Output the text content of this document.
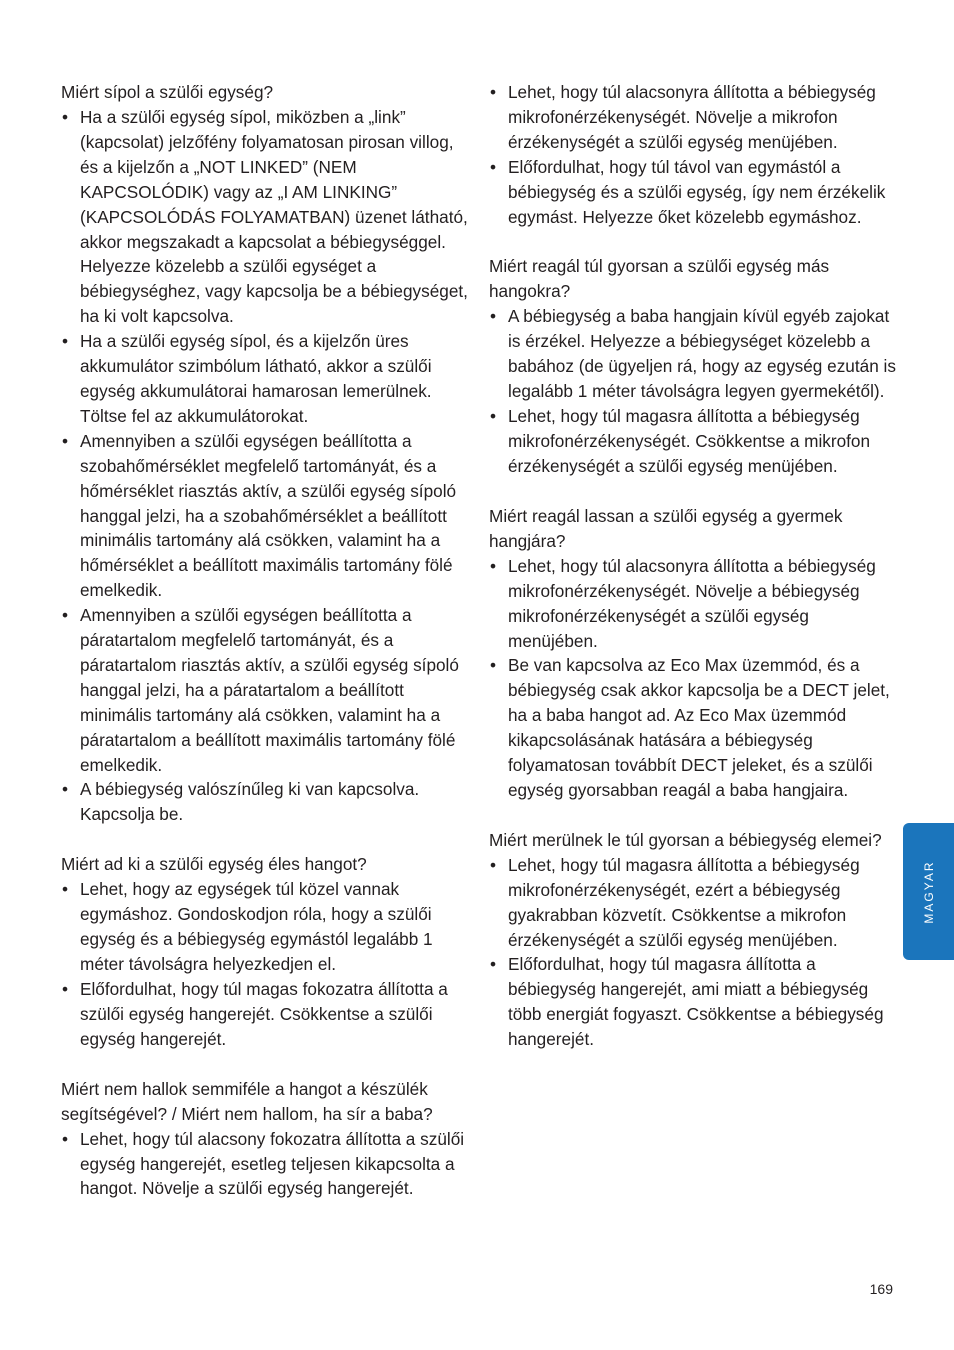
Miért sípol a szülői egység?

• Ha a szülői egység sípol, miközben a „link” (kapcsolat) jelzőfény folyamatosan pirosan villog, és a kijelzőn a „NOT LINKED” (NEM KAPCSOLÓDIK) vagy az „I AM LINKING” (KAPCSOLÓDÁS FOLYAMATBAN) üzenet látható, akkor megszakadt a kapcsolat a bébiegységgel. Helyezze közelebb a szülői egységet a bébiegységhez, vagy kapcsolja be a bébiegységet, ha ki volt kapcsolva.
• Ha a szülői egység sípol, és a kijelzőn üres akkumulátor szimbólum látható, akkor a szülői egység akkumulátorai hamarosan lemerülnek. Töltse fel az akkumulátorokat.
• Amennyiben a szülői egységen beállította a szobahőmérséklet megfelelő tartományát, és a hőmérséklet riasztás aktív, a szülői egység sípoló hanggal jelzi, ha a szobahőmérséklet a beállított minimális tartomány alá csökken, valamint ha a hőmérséklet a beállított maximális tartomány fölé emelkedik.
• Amennyiben a szülői egységen beállította a páratartalom megfelelő tartományát, és a páratartalom riasztás aktív, a szülői egység sípoló hanggal jelzi, ha a páratartalom a beállított minimális tartomány alá csökken, valamint ha a páratartalom a beállított maximális tartomány fölé emelkedik.
• A bébiegység valószínűleg ki van kapcsolva. Kapcsolja be.

Miért ad ki a szülői egység éles hangot?

• Lehet, hogy az egységek túl közel vannak egymáshoz. Gondoskodjon róla, hogy a szülői egység és a bébiegység egymástól legalább 1 méter távolságra helyezkedjen el.
• Előfordulhat, hogy túl magas fokozatra állította a szülői egység hangerejét. Csökkentse a szülői egység hangerejét.

Miért nem hallok semmiféle a hangot a készülék segítségével? / Miért nem hallom, ha sír a baba?

• Lehet, hogy túl alacsony fokozatra állította a szülői egység hangerejét, esetleg teljesen kikapcsolta a hangot. Növelje a szülői egység hangerejét.
• Lehet, hogy túl alacsonyra állította a bébiegység mikrofonérzékenységét. Növelje a mikrofon érzékenységét a szülői egység menüjében.
• Előfordulhat, hogy túl távol van egymástól a bébiegység és a szülői egység, így nem érzékelik egymást. Helyezze őket közelebb egymáshoz.

Miért reagál túl gyorsan a szülői egység más hangokra?

• A bébiegység a baba hangjain kívül egyéb zajokat is érzékel. Helyezze a bébiegységet közelebb a babához (de ügyeljen rá, hogy az egység ezután is legalább 1 méter távolságra legyen gyermekétől).
• Lehet, hogy túl magasra állította a bébiegység mikrofonérzékenységét. Csökkentse a mikrofon érzékenységét a szülői egység menüjében.

Miért reagál lassan a szülői egység a gyermek hangjára?

• Lehet, hogy túl alacsonyra állította a bébiegység mikrofonérzékenységét. Növelje a bébiegység mikrofonérzékenységét a szülői egység menüjében.
• Be van kapcsolva az Eco Max üzemmód, és a bébiegység csak akkor kapcsolja be a DECT jelet, ha a baba hangot ad. Az Eco Max üzemmód kikapcsolásának hatására a bébiegység folyamatosan továbbít DECT jeleket, és a szülői egység gyorsabban reagál a baba hangjaira.

Miért merülnek le túl gyorsan a bébiegység elemei?

• Lehet, hogy túl magasra állította a bébiegység mikrofonérzékenységét, ezért a bébiegység gyakrabban közvetít. Csökkentse a mikrofon érzékenységét a szülői egység menüjében.
• Előfordulhat, hogy túl magasra állította a bébiegység hangerejét, ami miatt a bébiegység több energiát fogyaszt. Csökkentse a bébiegység hangerejét.
MAGYAR
169
